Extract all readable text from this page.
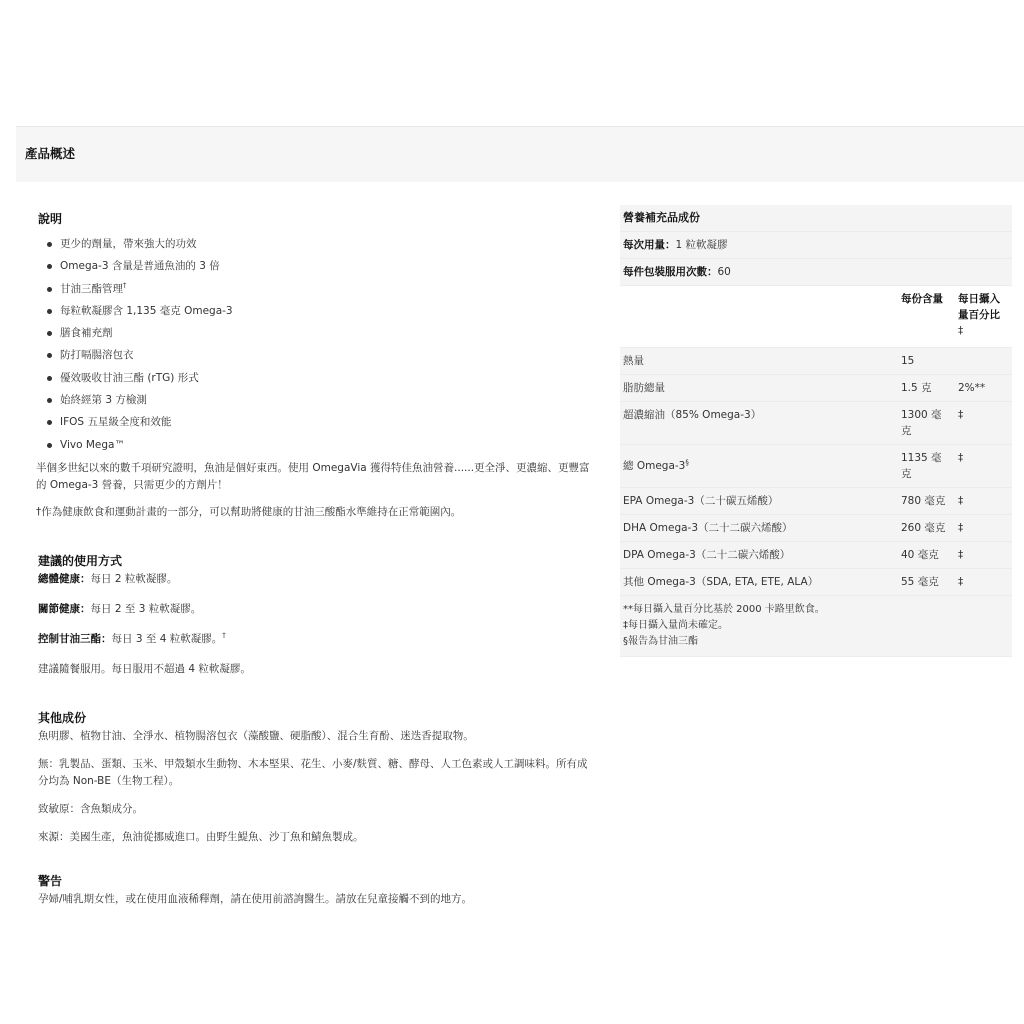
產品概述
說明
更少的劑量，帶來強大的功效
Omega-3 含量是普通魚油的 3 倍
甘油三酯管理†
每粒軟凝膠含 1,135 毫克 Omega-3
膳食補充劑
防打嗝腸溶包衣
優效吸收甘油三酯 (rTG) 形式
始終經第 3 方檢測
IFOS 五星級全度和效能
Vivo Mega™

半個多世紀以來的數千項研究證明，魚油是個好東西。使用 OmegaVia 獲得特佳魚油營養......更全淨、更濃縮、更豐富的 Omega-3 營養，只需更少的方劑片！

†作為健康飲食和運動計畫的一部分，可以幫助將健康的甘油三酸酯水準維持在正常範圍內。

建議的使用方式

總體健康：每日 2 粒軟凝膠。

關節健康：每日 2 至 3 粒軟凝膠。

控制甘油三酯：每日 3 至 4 粒軟凝膠。†

建議隨餐服用。每日服用不超過 4 粒軟凝膠。

其他成份

魚明膠、植物甘油、全淨水、植物腸溶包衣（藻酸鹽、硬脂酸）、混合生育酚、迷迭香提取物。

無：乳製品、蛋類、玉米、甲殼類水生動物、木本堅果、花生、小麥/麩質、糖、酵母、人工色素或人工調味料。所有成分均為 Non-BE（生物工程）。

致敏原：含魚類成分。

來源：美國生產，魚油從挪威進口。由野生鯷魚、沙丁魚和鯖魚製成。

警告

孕婦/哺乳期女性，或在使用血液稀釋劑，請在使用前諮詢醫生。請放在兒童接觸不到的地方。

營養補充品成份		
每次用量：1 粒軟凝膠		
每件包裝服用次數：60		
	每份含量	每日攝入量百分比
‡
熱量	15	
脂肪總量	1.5 克	2%**
超濃縮油（85% Omega-3）	1300 毫克	‡
總 Omega-3§	1135 毫克	‡
EPA Omega-3（二十碳五烯酸）	780 毫克	‡
DHA Omega-3（二十二碳六烯酸）	260 毫克	‡
DPA Omega-3（二十二碳六烯酸）	40 毫克	‡
其他 Omega-3（SDA, ETA, ETE, ALA）	55 毫克	‡

**每日攝入量百分比基於 2000 卡路里飲食。
‡每日攝入量尚未確定。
§報告為甘油三酯		
